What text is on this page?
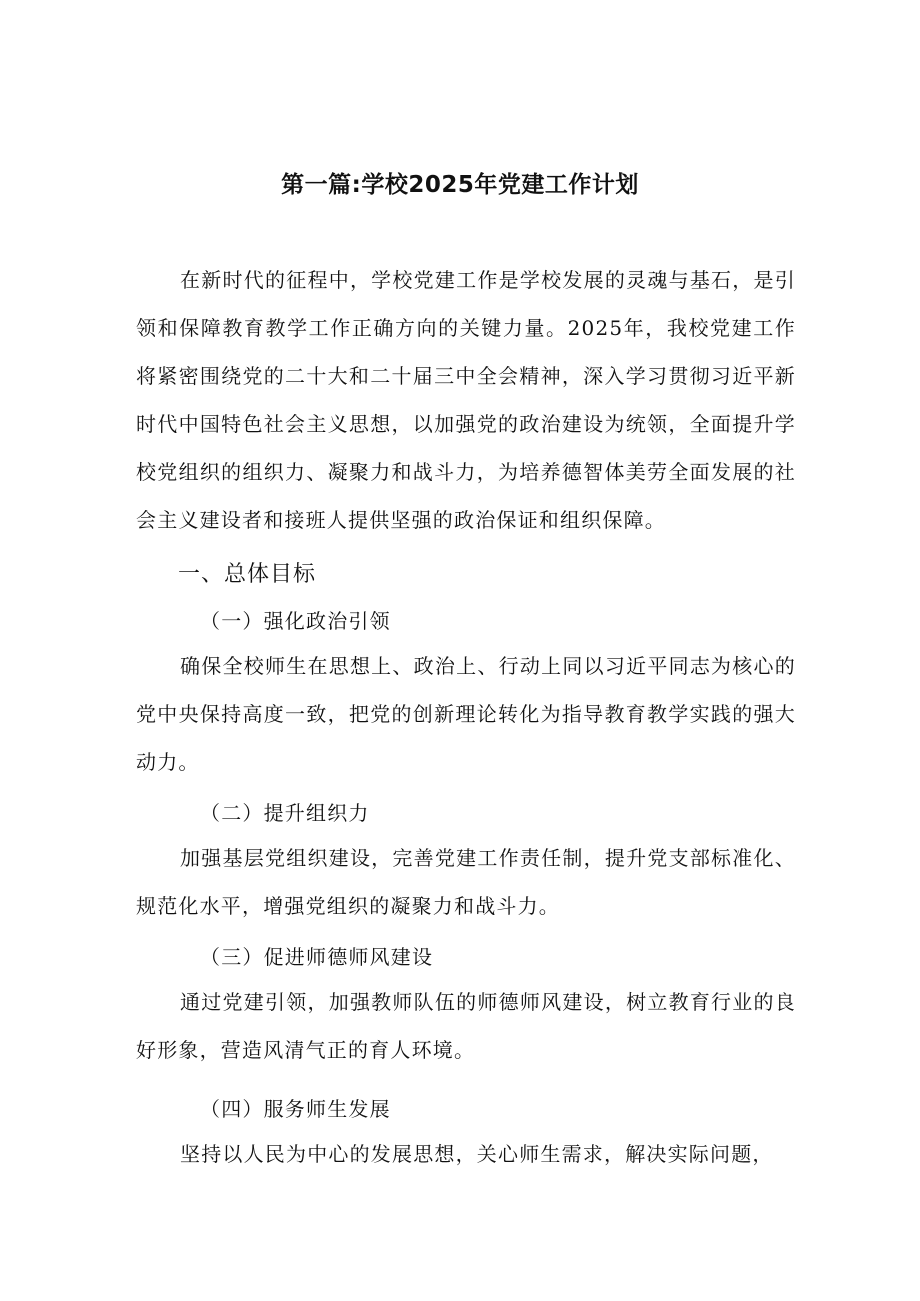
第一篇:学校2025年党建工作计划

在新时代的征程中，学校党建工作是学校发展的灵魂与基石，是引领和保障教育教学工作正确方向的关键力量。2025年，我校党建工作将紧密围绕党的二十大和二十届三中全会精神，深入学习贯彻习近平新时代中国特色社会主义思想，以加强党的政治建设为统领，全面提升学校党组织的组织力、凝聚力和战斗力，为培养德智体美劳全面发展的社会主义建设者和接班人提供坚强的政治保证和组织保障。

一、总体目标
（一）强化政治引领

确保全校师生在思想上、政治上、行动上同以习近平同志为核心的党中央保持高度一致，把党的创新理论转化为指导教育教学实践的强大动力。

（二）提升组织力

加强基层党组织建设，完善党建工作责任制，提升党支部标准化、规范化水平，增强党组织的凝聚力和战斗力。

（三）促进师德师风建设

通过党建引领，加强教师队伍的师德师风建设，树立教育行业的良好形象，营造风清气正的育人环境。

（四）服务师生发展

坚持以人民为中心的发展思想，关心师生需求，解决实际问题，
